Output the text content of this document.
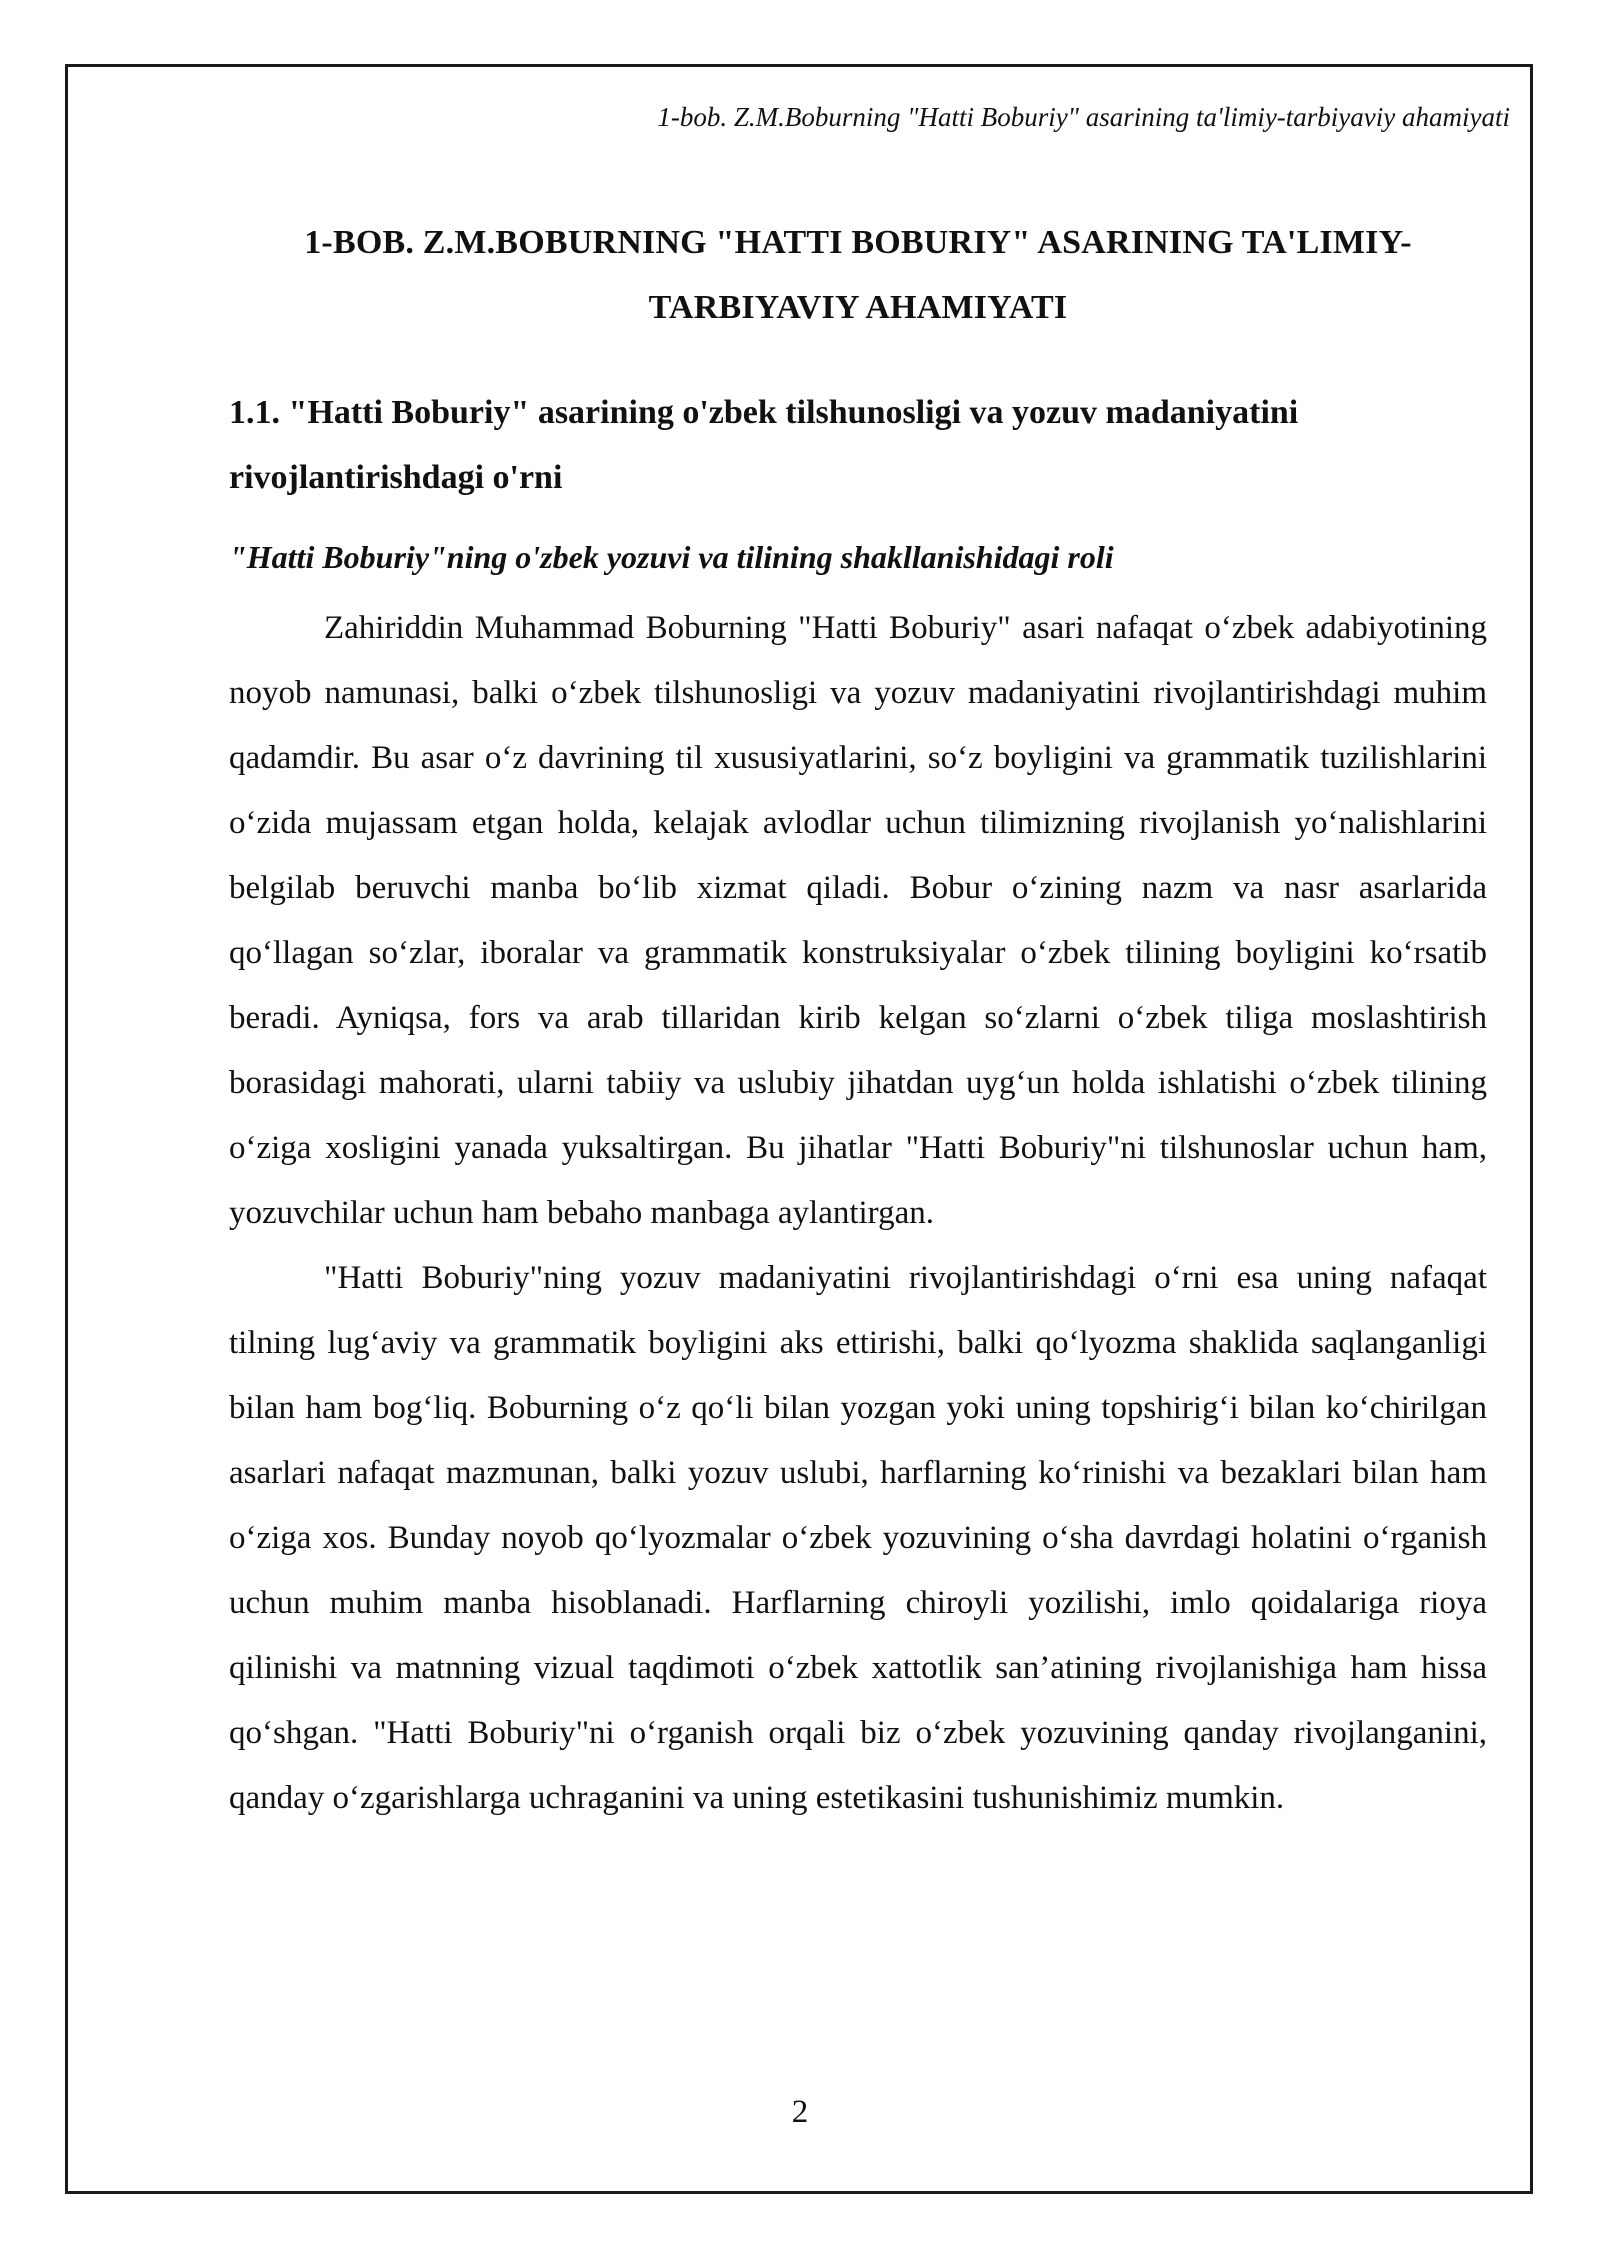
1-bob. Z.M.Boburning "Hatti Boburiy" asarining ta'limiy-tarbiyaviy ahamiyati
1-BOB. Z.M.BOBURNING "HATTI BOBURIY" ASARINING TA'LIMIY-TARBIYAVIY AHAMIYATI
1.1. "Hatti Boburiy" asarining o'zbek tilshunosligi va yozuv madaniyatini rivojlantirishdagi o'rni
"Hatti Boburiy"ning o'zbek yozuvi va tilining shakllanishidagi roli

Zahiriddin Muhammad Boburning "Hatti Boburiy" asari nafaqat o‘zbek adabiyotining noyob namunasi, balki o‘zbek tilshunosligi va yozuv madaniyatini rivojlantirishdagi muhim qadamdir. Bu asar o‘z davrining til xususiyatlarini, so‘z boyligini va grammatik tuzilishlarini o‘zida mujassam etgan holda, kelajak avlodlar uchun tilimizning rivojlanish yo‘nalishlarini belgilab beruvchi manba bo‘lib xizmat qiladi. Bobur o‘zining nazm va nasr asarlarida qo‘llagan so‘zlar, iboralar va grammatik konstruksiyalar o‘zbek tilining boyligini ko‘rsatib beradi. Ayniqsa, fors va arab tillaridan kirib kelgan so‘zlarni o‘zbek tiliga moslashtirish borasidagi mahorati, ularni tabiiy va uslubiy jihatdan uyg‘un holda ishlatishi o‘zbek tilining o‘ziga xosligini yanada yuksaltirgan. Bu jihatlar "Hatti Boburiy"ni tilshunoslar uchun ham, yozuvchilar uchun ham bebaho manbaga aylantirgan.

"Hatti Boburiy"ning yozuv madaniyatini rivojlantirishdagi o‘rni esa uning nafaqat tilning lug‘aviy va grammatik boyligini aks ettirishi, balki qo‘lyozma shaklida saqlanganligi bilan ham bog‘liq. Boburning o‘z qo‘li bilan yozgan yoki uning topshirig‘i bilan ko‘chirilgan asarlari nafaqat mazmunan, balki yozuv uslubi, harflarning ko‘rinishi va bezaklari bilan ham o‘ziga xos. Bunday noyob qo‘lyozmalar o‘zbek yozuvining o‘sha davrdagi holatini o‘rganish uchun muhim manba hisoblanadi. Harflarning chiroyli yozilishi, imlo qoidalariga rioya qilinishi va matnning vizual taqdimoti o‘zbek xattotlik san’atining rivojlanishiga ham hissa qo‘shgan. "Hatti Boburiy"ni o‘rganish orqali biz o‘zbek yozuvining qanday rivojlanganini, qanday o‘zgarishlarga uchraganini va uning estetikasini tushunishimiz mumkin.

2
